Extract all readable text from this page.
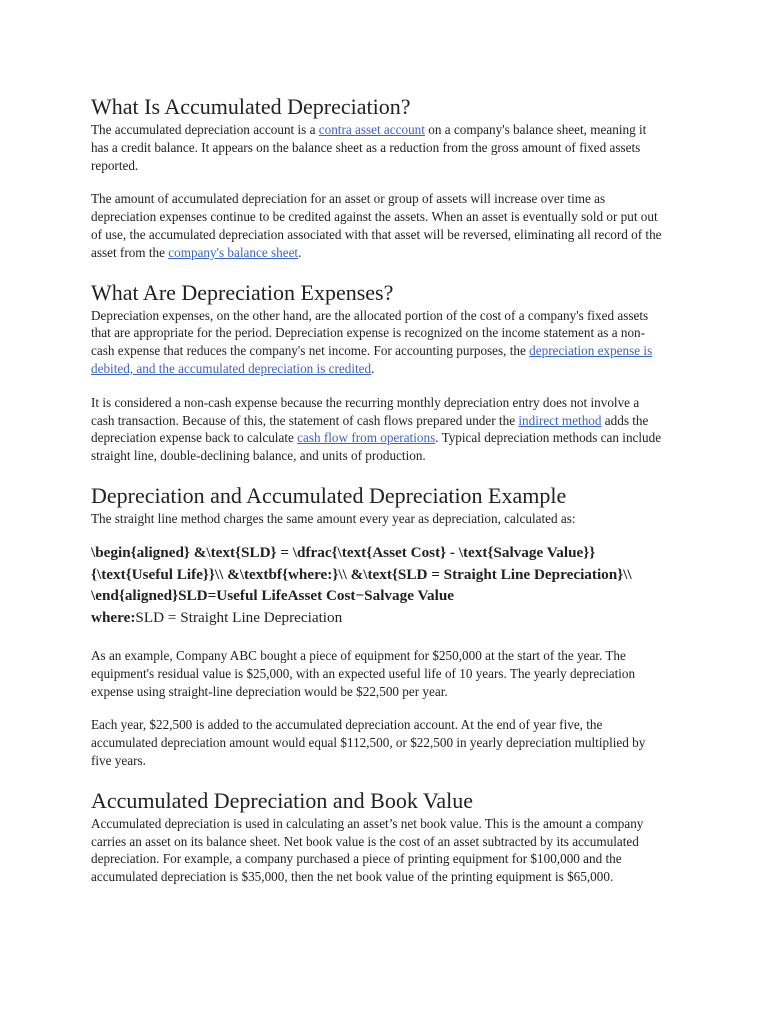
What Is Accumulated Depreciation?

The accumulated depreciation account is a contra asset account on a company's balance sheet, meaning it has a credit balance. It appears on the balance sheet as a reduction from the gross amount of fixed assets reported.

The amount of accumulated depreciation for an asset or group of assets will increase over time as depreciation expenses continue to be credited against the assets. When an asset is eventually sold or put out of use, the accumulated depreciation associated with that asset will be reversed, eliminating all record of the asset from the company's balance sheet.

What Are Depreciation Expenses?

Depreciation expenses, on the other hand, are the allocated portion of the cost of a company's fixed assets that are appropriate for the period. Depreciation expense is recognized on the income statement as a non-cash expense that reduces the company's net income. For accounting purposes, the depreciation expense is debited, and the accumulated depreciation is credited.

It is considered a non-cash expense because the recurring monthly depreciation entry does not involve a cash transaction. Because of this, the statement of cash flows prepared under the indirect method adds the depreciation expense back to calculate cash flow from operations. Typical depreciation methods can include straight line, double-declining balance, and units of production.

Depreciation and Accumulated Depreciation Example

The straight line method charges the same amount every year as depreciation, calculated as:

\begin{aligned} &\text{SLD} = \dfrac{\text{Asset Cost} - \text{Salvage Value}}{\text{Useful Life}}\\ &\textbf{where:}\\ &\text{SLD = Straight Line Depreciation}\\ \end{aligned}SLD=Useful LifeAsset Cost−Salvage Value
where:SLD = Straight Line Depreciation

As an example, Company ABC bought a piece of equipment for $250,000 at the start of the year. The equipment's residual value is $25,000, with an expected useful life of 10 years. The yearly depreciation expense using straight-line depreciation would be $22,500 per year.

Each year, $22,500 is added to the accumulated depreciation account. At the end of year five, the accumulated depreciation amount would equal $112,500, or $22,500 in yearly depreciation multiplied by five years.

Accumulated Depreciation and Book Value

Accumulated depreciation is used in calculating an asset’s net book value. This is the amount a company carries an asset on its balance sheet. Net book value is the cost of an asset subtracted by its accumulated depreciation. For example, a company purchased a piece of printing equipment for $100,000 and the accumulated depreciation is $35,000, then the net book value of the printing equipment is $65,000.
